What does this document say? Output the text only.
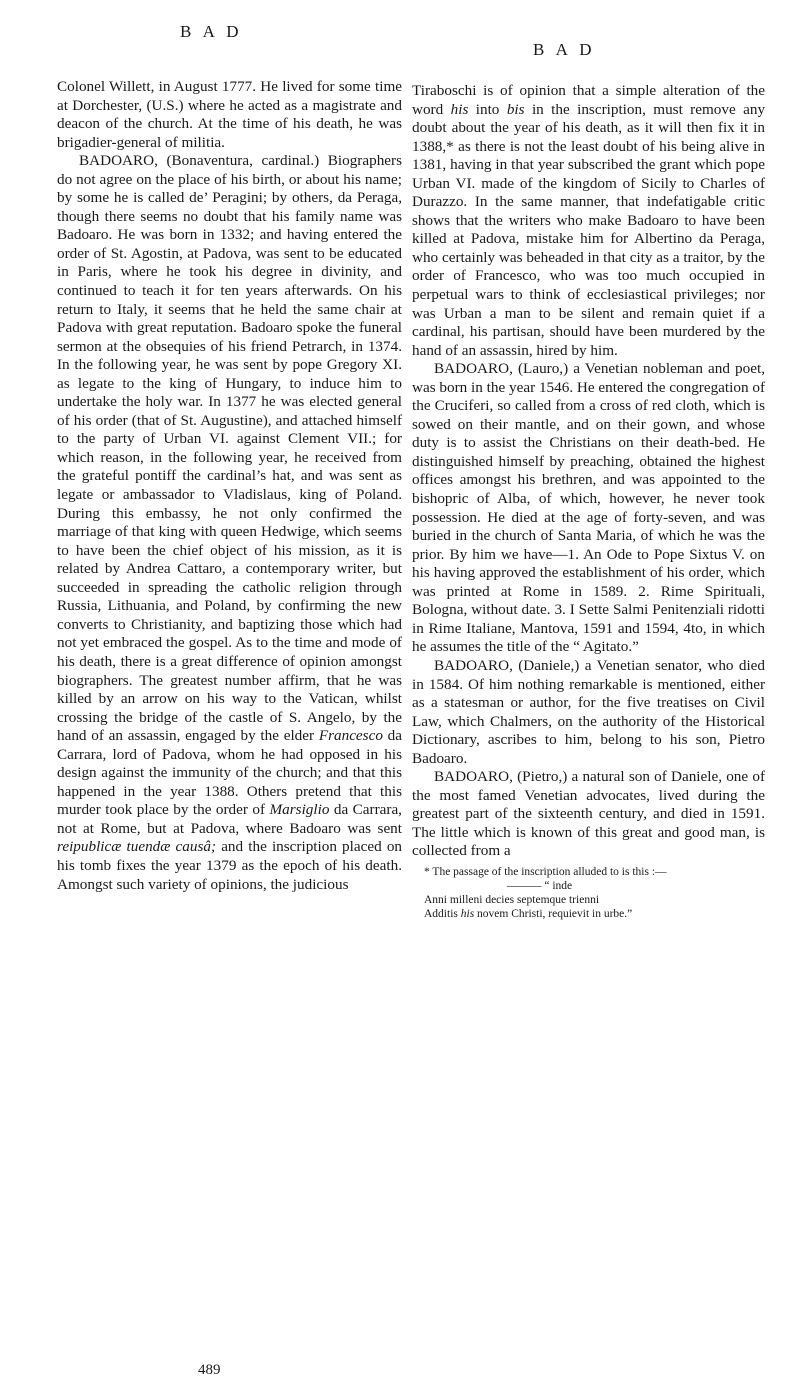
B A D
B A D

Colonel Willett, in August 1777. He lived for some time at Dorchester, (U.S.) where he acted as a magistrate and deacon of the church. At the time of his death, he was brigadier-general of militia.

BADOARO, (Bonaventura, cardinal.) Biographers do not agree on the place of his birth, or about his name; by some he is called de’ Peragini; by others, da Peraga, though there seems no doubt that his family name was Badoaro. He was born in 1332; and having entered the order of St. Agostin, at Padova, was sent to be educated in Paris, where he took his degree in divinity, and continued to teach it for ten years afterwards. On his return to Italy, it seems that he held the same chair at Padova with great reputation. Badoaro spoke the funeral sermon at the obsequies of his friend Petrarch, in 1374. In the following year, he was sent by pope Gregory XI. as legate to the king of Hungary, to induce him to undertake the holy war. In 1377 he was elected general of his order (that of St. Augustine), and attached himself to the party of Urban VI. against Clement VII.; for which reason, in the following year, he received from the grateful pontiff the cardinal’s hat, and was sent as legate or ambassador to Vladislaus, king of Poland. During this embassy, he not only confirmed the marriage of that king with queen Hedwige, which seems to have been the chief object of his mission, as it is related by Andrea Cattaro, a contemporary writer, but succeeded in spreading the catholic religion through Russia, Lithuania, and Poland, by confirming the new converts to Christianity, and baptizing those which had not yet embraced the gospel. As to the time and mode of his death, there is a great difference of opinion amongst biographers. The greatest number affirm, that he was killed by an arrow on his way to the Vatican, whilst crossing the bridge of the castle of S. Angelo, by the hand of an assassin, engaged by the elder Francesco da Carrara, lord of Padova, whom he had opposed in his design against the immunity of the church; and that this happened in the year 1388. Others pretend that this murder took place by the order of Marsiglio da Carrara, not at Rome, but at Padova, where Badoaro was sent reipublicæ tuendæ causâ; and the inscription placed on his tomb fixes the year 1379 as the epoch of his death. Amongst such variety of opinions, the judicious

Tiraboschi is of opinion that a simple alteration of the word his into bis in the inscription, must remove any doubt about the year of his death, as it will then fix it in 1388,* as there is not the least doubt of his being alive in 1381, having in that year subscribed the grant which pope Urban VI. made of the kingdom of Sicily to Charles of Durazzo. In the same manner, that indefatigable critic shows that the writers who make Badoaro to have been killed at Padova, mistake him for Albertino da Peraga, who certainly was beheaded in that city as a traitor, by the order of Francesco, who was too much occupied in perpetual wars to think of ecclesiastical privileges; nor was Urban a man to be silent and remain quiet if a cardinal, his partisan, should have been murdered by the hand of an assassin, hired by him.

BADOARO, (Lauro,) a Venetian nobleman and poet, was born in the year 1546. He entered the congregation of the Cruciferi, so called from a cross of red cloth, which is sowed on their mantle, and on their gown, and whose duty is to assist the Christians on their death-bed. He distinguished himself by preaching, obtained the highest offices amongst his brethren, and was appointed to the bishopric of Alba, of which, however, he never took possession. He died at the age of forty-seven, and was buried in the church of Santa Maria, of which he was the prior. By him we have—1. An Ode to Pope Sixtus V. on his having approved the establishment of his order, which was printed at Rome in 1589. 2. Rime Spirituali, Bologna, without date. 3. I Sette Salmi Penitenziali ridotti in Rime Italiane, Mantova, 1591 and 1594, 4to, in which he assumes the title of the “ Agitato.”

BADOARO, (Daniele,) a Venetian senator, who died in 1584. Of him nothing remarkable is mentioned, either as a statesman or author, for the five treatises on Civil Law, which Chalmers, on the authority of the Historical Dictionary, ascribes to him, belong to his son, Pietro Badoaro.

BADOARO, (Pietro,) a natural son of Daniele, one of the most famed Venetian advocates, lived during the greatest part of the sixteenth century, and died in 1591. The little which is known of this great and good man, is collected from a

* The passage of the inscription alluded to is this :—
——— “ inde
Anni milleni decies septemque trienni
Additis his novem Christi, requievit in urbe.”
489
